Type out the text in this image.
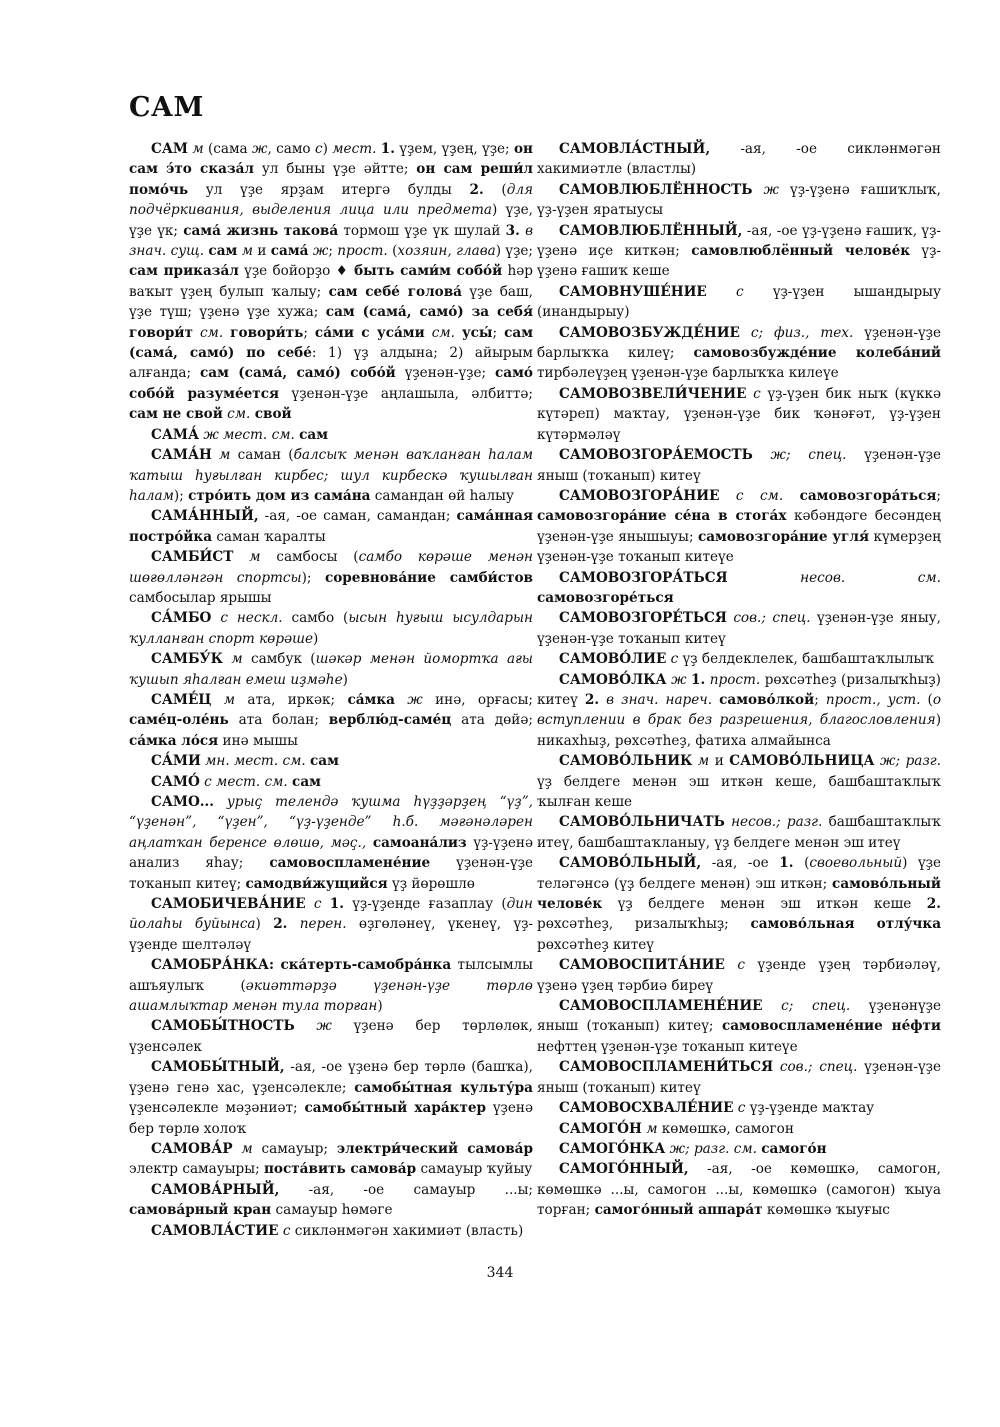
САМ

САМ м (сама ж, само с) мест. 1. үҙем, үҙең, үҙе; он сам э́то сказа́л ул быны үҙе әйтте; он сам реши́л помо́чь ул үҙе ярҙам итергә булды 2. (для подчёркивания, выделения лица или предмета) үҙе, үҙе үк; сама́ жизнь такова́ тормош үҙе үк шулай 3. в знач. сущ. сам м и сама́ ж; прост. (хозяин, глава) үҙе; сам приказа́л үҙе бойорҙо ♦ быть сами́м собо́й һәр ваҡыт үҙең булып ҡалыу; сам себе́ голова́ үҙе баш, үҙе түш; үҙенә үҙе хужа; сам (сама́, само́) за себя́ говори́т см. говори́ть; са́ми с уса́ми см. усы́; сам (сама́, само́) по себе́: 1) үҙ алдына; 2) айырым алғанда; сам (сама́, само́) собо́й үҙенән-үҙе; само́ собо́й разуме́ется үҙенән-үҙе аңлашыла, әлбиттә; сам не свой см. свой

САМА́ ж мест. см. сам

САМА́Н м саман (балсыҡ менән ваҡланған һалам ҡатыш һуғылған кирбес; шул кирбескә ҡушылған һалам); стро́ить дом из сама́на самандан өй һалыу

САМА́ННЫЙ, -ая, -ое саман, самандан; сама́нная постро́йка саман ҡаралты

САМБИ́СТ м самбосы (самбо көрәше менән шөғөлләнгән спортсы); соревнова́ние самби́стов самбосылар ярышы

СА́МБО с нескл. самбо (ысын һуғыш ысулдарын ҡулланған спорт көрәше)

САМБУ́К м самбук (шәкәр менән йомортҡа ағы ҡушып яһалған емеш иҙмәһе)

САМЕ́Ц м ата, иркәк; са́мка ж инә, орғасы; саме́ц-оле́нь ата болан; верблю́д-саме́ц ата дөйә; са́мка ло́ся инә мышы

СА́МИ мн. мест. см. сам

САМО́ с мест. см. сам

САМО... урыҫ телендә ҡушма һүҙҙәрҙең “үҙ”, “үҙенән”, “үҙен”, “үҙ-үҙенде” һ.б. мәғәнәләрен аңлатҡан беренсе өлөшө, мәҫ., самоана́лиз үҙ-үҙенә анализ яһау; самовоспламене́ние үҙенән-үҙе тоҡанып китеү; самодви́жущийся үҙ йөрөшлө

САМОБИЧЕВА́НИЕ с 1. үҙ-үҙенде ғазаплау (дин йолаһы буйынса) 2. перен. өҙгөләнеү, үкенеү, үҙ-үҙенде шелтәләү

САМОБРА́НКА: ска́терть-самобра́нка тылсымлы ашъяулыҡ (әкиәттәрҙә үҙенән-үҙе төрлө ашамлыҡтар менән тула торған)

САМОБЫ́ТНОСТЬ ж үҙенә бер төрлөлөк, үҙенсәлек

САМОБЫ́ТНЫЙ, -ая, -ое үҙенә бер төрлө (башҡа), үҙенә генә хас, үҙенсәлекле; самобы́тная культу́ра үҙенсәлекле мәҙәниәт; самобы́тный хара́ктер үҙенә бер төрлө холоҡ

САМОВА́Р м самауыр; электри́ческий самова́р электр самауыры; поста́вить самова́р самауыр ҡуйыу

САМОВА́РНЫЙ, -ая, -ое самауыр ...ы; самова́рный кран самауыр һөмәге

САМОВЛА́СТИЕ с сикләнмәгән хакимиәт (власть)

САМОВЛА́СТНЫЙ, -ая, -ое сикләнмәгән хакимиәтле (властлы)

САМОВЛЮБЛЁННОСТЬ ж үҙ-үҙенә ғашиҡлыҡ, үҙ-үҙен яратыусы

САМОВЛЮБЛЁННЫЙ, -ая, -ое үҙ-үҙенә ғашиҡ, үҙ-үҙенә иҫе киткән; самовлюблённый челове́к үҙ-үҙенә ғашиҡ кеше

САМОВНУШЕ́НИЕ с үҙ-үҙен ышандырыу (инандырыу)

САМОВОЗБУЖДЕ́НИЕ с; физ., тех. үҙенән-үҙе барлыҡҡа килеү; самовозбужде́ние колеба́ний тирбәлеүҙең үҙенән-үҙе барлыҡҡа килеүе

САМОВОЗВЕЛИ́ЧЕНИЕ с үҙ-үҙен бик ныҡ (күккә күтәреп) маҡтау, үҙенән-үҙе бик ҡәнәғәт, үҙ-үҙен күтәрмәләү

САМОВОЗГОРА́ЕМОСТЬ ж; спец. үҙенән-үҙе яныш (тоҡанып) китеү

САМОВОЗГОРА́НИЕ с см. самовозгора́ться; самовозгора́ние се́на в стога́х кәбәндәге бесәндең үҙенән-үҙе янышыуы; самовозгора́ние угля́ күмерҙең үҙенән-үҙе тоҡанып китеүе

САМОВОЗГОРА́ТЬСЯ	несов. см. самовозгоре́ться

САМОВОЗГОРЕ́ТЬСЯ сов.; спец. үҙенән-үҙе яныу, үҙенән-үҙе тоҡанып китеү

САМОВО́ЛИЕ с үҙ белдеклелек, башбаштаҡлылыҡ

САМОВО́ЛКА ж 1. прост. рөхсәтһеҙ (ризалыҡһыҙ) китеү 2. в знач. нареч. самово́лкой; прост., уст. (о вступлении в брак без разрешения, благословления) никахһыҙ, рөхсәтһеҙ, фатиха алмайынса

САМОВО́ЛЬНИК м и САМОВО́ЛЬНИЦА ж; разг. үҙ белдеге менән эш иткән кеше, башбаштаҡлыҡ ҡылған кеше

САМОВО́ЛЬНИЧАТЬ несов.; разг. башбаштаҡлыҡ итеү, башбаштаҡланыу, үҙ белдеге менән эш итеү

САМОВО́ЛЬНЫЙ, -ая, -ое 1. (своевольный) үҙе теләгәнсә (үҙ белдеге менән) эш иткән; самово́льный челове́к үҙ белдеге менән эш иткән кеше 2. рөхсәтһеҙ, ризалыҡһыҙ; самово́льная отлу́чка рөхсәтһеҙ китеү

САМОВОСПИТА́НИЕ с үҙенде үҙең тәрбиәләү, үҙенә үҙең тәрбиә биреү

САМОВОСПЛАМЕНЕ́НИЕ с; спец. үҙенәнүҙе яныш (тоҡанып) китеү; самовоспламене́ние не́фти нефттең үҙенән-үҙе тоҡанып китеүе

САМОВОСПЛАМЕНИ́ТЬСЯ сов.; спец. үҙенән-үҙе яныш (тоҡанып) китеү

САМОВОСХВАЛЕ́НИЕ с үҙ-үҙенде маҡтау

САМОГО́Н м көмөшкә, самогон

САМОГО́НКА ж; разг. см. самого́н

САМОГО́ННЫЙ, -ая, -ое көмөшкә, самогон, көмөшкә ...ы, самогон ...ы, көмөшкә (самогон) ҡыуа торған; самого́нный аппара́т көмөшкә ҡыуғыс

344
